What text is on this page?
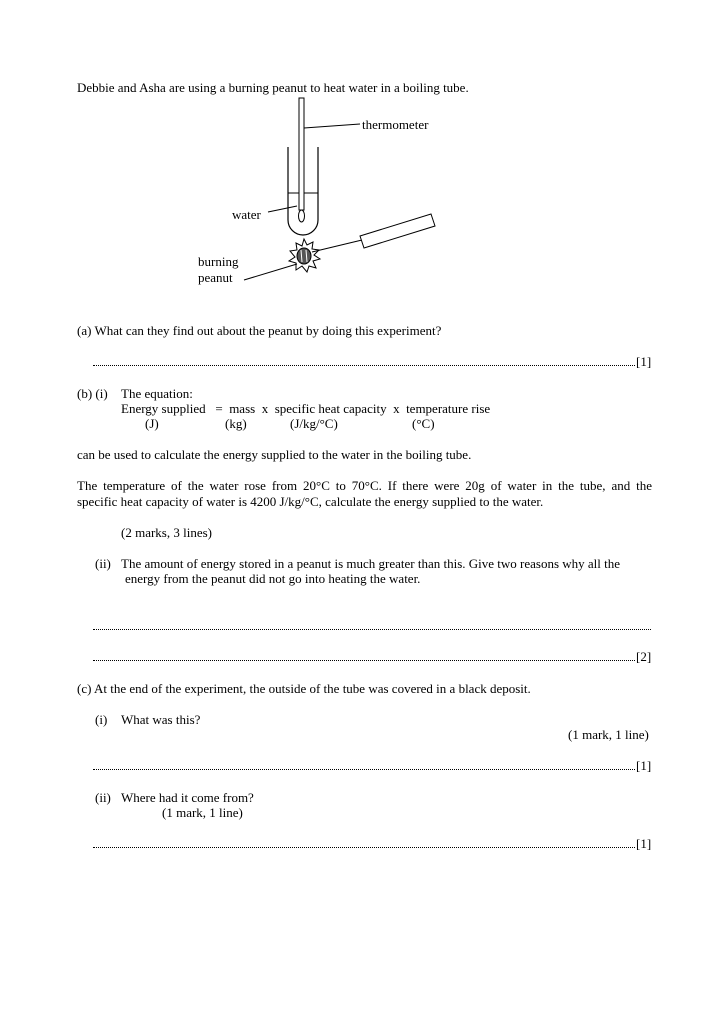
Debbie and Asha are using a burning peanut to heat water in a boiling tube.
thermometer
water
burning
peanut
(a) What can they find out about the peanut by doing this experiment?
[1]
(b) (i) The equation:
Energy supplied   =  mass  x  specific heat capacity  x  temperature rise
(J)	(kg)	(J/kg/°C)	(°C)
can be used to calculate the energy supplied to the water in the boiling tube.
The temperature of the water rose from 20°C to 70°C. If there were 20g of water in the tube, and the
specific heat capacity of water is 4200 J/kg/°C, calculate the energy supplied to the water.
(2 marks, 3 lines)
(ii) The amount of energy stored in a peanut is much greater than this. Give two reasons why all the
energy from the peanut did not go into heating the water.
[2]
(c) At the end of the experiment, the outside of the tube was covered in a black deposit.
(i) What was this?
(1 mark, 1 line)
[1]
(ii) Where had it come from?
(1 mark, 1 line)
[1]
